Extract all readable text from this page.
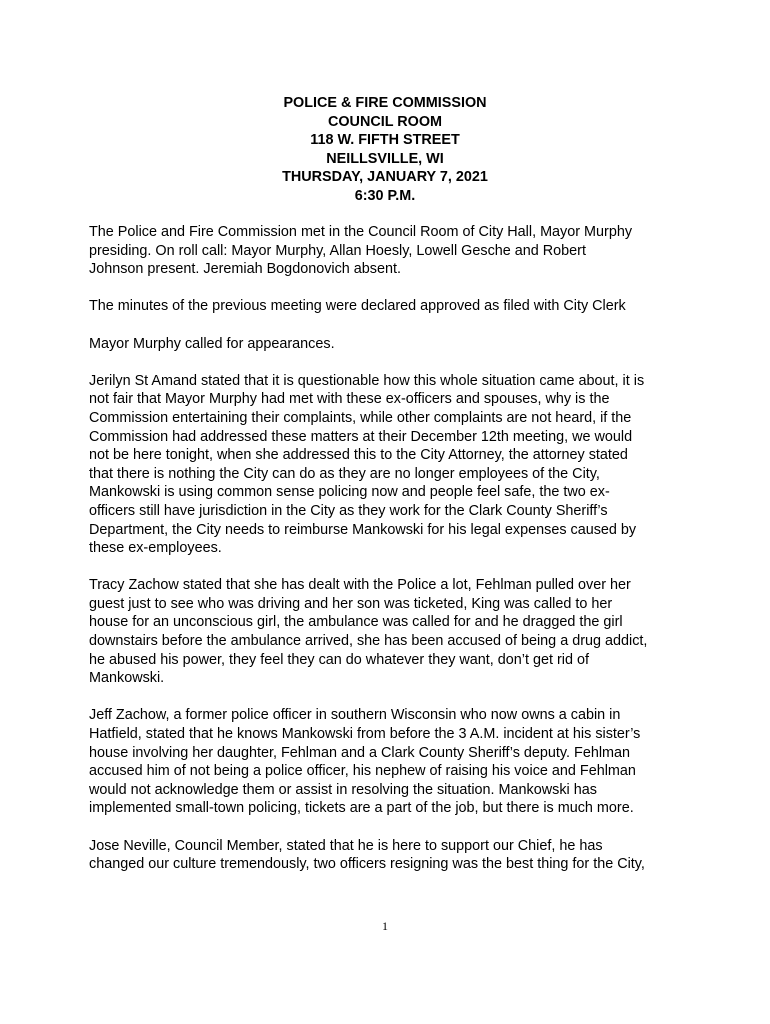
POLICE & FIRE COMMISSION
COUNCIL ROOM
118 W. FIFTH STREET
NEILLSVILLE, WI
THURSDAY, JANUARY 7, 2021
6:30 P.M.

The Police and Fire Commission met in the Council Room of City Hall, Mayor Murphy
presiding. On roll call: Mayor Murphy, Allan Hoesly, Lowell Gesche and Robert
Johnson present. Jeremiah Bogdonovich absent.

The minutes of the previous meeting were declared approved as filed with City Clerk

Mayor Murphy called for appearances.

Jerilyn St Amand stated that it is questionable how this whole situation came about, it is
not fair that Mayor Murphy had met with these ex-officers and spouses, why is the
Commission entertaining their complaints, while other complaints are not heard, if the
Commission had addressed these matters at their December 12th meeting, we would
not be here tonight, when she addressed this to the City Attorney, the attorney stated
that there is nothing the City can do as they are no longer employees of the City,
Mankowski is using common sense policing now and people feel safe, the two ex-
officers still have jurisdiction in the City as they work for the Clark County Sheriff’s
Department, the City needs to reimburse Mankowski for his legal expenses caused by
these ex-employees.

Tracy Zachow stated that she has dealt with the Police a lot, Fehlman pulled over her
guest just to see who was driving and her son was ticketed, King was called to her
house for an unconscious girl, the ambulance was called for and he dragged the girl
downstairs before the ambulance arrived, she has been accused of being a drug addict,
he abused his power, they feel they can do whatever they want, don’t get rid of
Mankowski.

Jeff Zachow, a former police officer in southern Wisconsin who now owns a cabin in
Hatfield, stated that he knows Mankowski from before the 3 A.M. incident at his sister’s
house involving her daughter, Fehlman and a Clark County Sheriff’s deputy. Fehlman
accused him of not being a police officer, his nephew of raising his voice and Fehlman
would not acknowledge them or assist in resolving the situation. Mankowski has
implemented small-town policing, tickets are a part of the job, but there is much more.

Jose Neville, Council Member, stated that he is here to support our Chief, he has
changed our culture tremendously, two officers resigning was the best thing for the City,

1
